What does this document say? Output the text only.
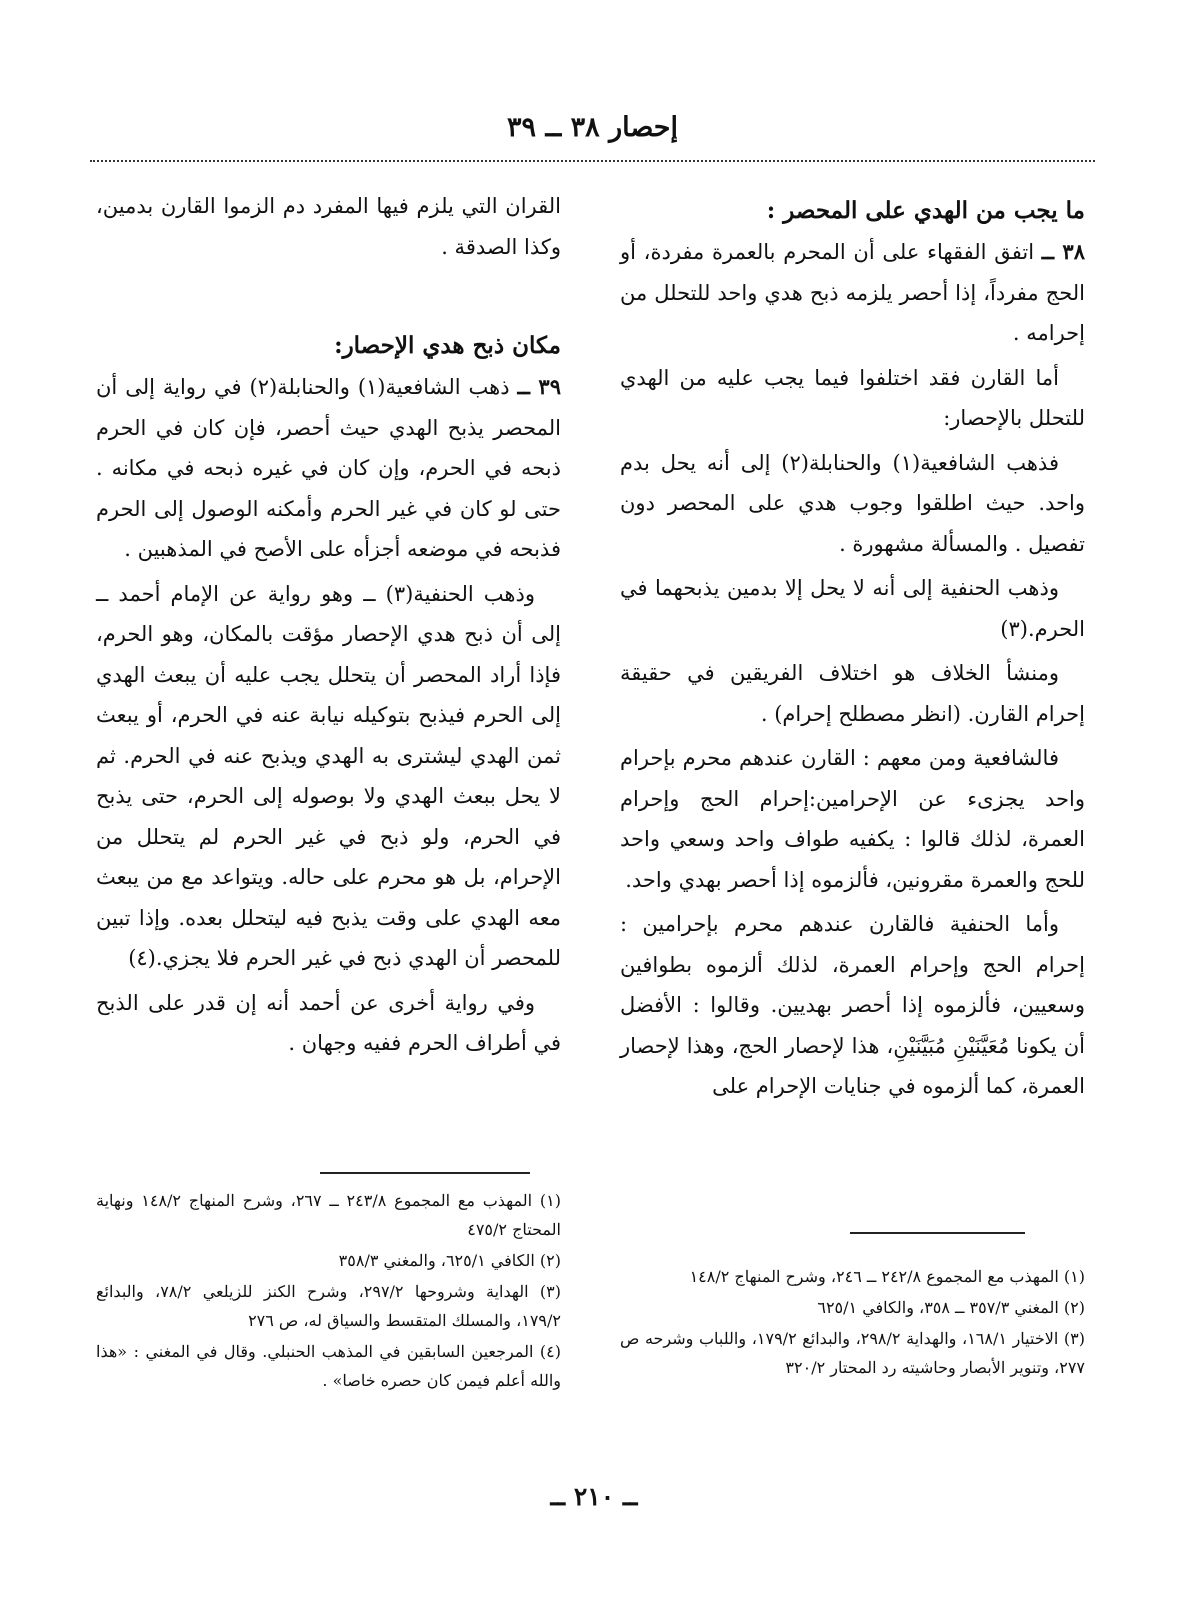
إحصار ٣٨ ــ ٣٩
ما يجب من الهدي على المحصر :

٣٨ ــ اتفق الفقهاء على أن المحرم بالعمرة مفردة، أو الحج مفرداً، إذا أحصر يلزمه ذبح هدي واحد للتحلل من إحرامه .

أما القارن فقد اختلفوا فيما يجب عليه من الهدي للتحلل بالإحصار:

فذهب الشافعية(١) والحنابلة(٢) إلى أنه يحل بدم واحد. حيث اطلقوا وجوب هدي على المحصر دون تفصيل . والمسألة مشهورة .

وذهب الحنفية إلى أنه لا يحل إلا بدمين يذبحهما في الحرم.(٣)

ومنشأ الخلاف هو اختلاف الفريقين في حقيقة إحرام القارن. (انظر مصطلح إحرام) .

فالشافعية ومن معهم : القارن عندهم محرم بإحرام واحد يجزىء عن الإحرامين:إحرام الحج وإحرام العمرة، لذلك قالوا : يكفيه طواف واحد وسعي واحد للحج والعمرة مقرونين، فألزموه إذا أحصر بهدي واحد.

وأما الحنفية فالقارن عندهم محرم بإحرامين : إحرام الحج وإحرام العمرة، لذلك ألزموه بطوافين وسعيين، فألزموه إذا أحصر بهديين. وقالوا : الأفضل أن يكونا مُعَيَّنَيْنِ مُبَيَّنَيْنِ، هذا لإحصار الحج، وهذا لإحصار العمرة، كما ألزموه في جنايات الإحرام على

القران التي يلزم فيها المفرد دم الزموا القارن بدمين، وكذا الصدقة .

مكان ذبح هدي الإحصار:

٣٩ ــ ذهب الشافعية(١) والحنابلة(٢) في رواية إلى أن المحصر يذبح الهدي حيث أحصر، فإن كان في الحرم ذبحه في الحرم، وإن كان في غيره ذبحه في مكانه . حتى لو كان في غير الحرم وأمكنه الوصول إلى الحرم فذبحه في موضعه أجزأه على الأصح في المذهبين .

وذهب الحنفية(٣) ــ وهو رواية عن الإمام أحمد ــ إلى أن ذبح هدي الإحصار مؤقت بالمكان، وهو الحرم، فإذا أراد المحصر أن يتحلل يجب عليه أن يبعث الهدي إلى الحرم فيذبح بتوكيله نيابة عنه في الحرم، أو يبعث ثمن الهدي ليشترى به الهدي ويذبح عنه في الحرم. ثم لا يحل ببعث الهدي ولا بوصوله إلى الحرم، حتى يذبح في الحرم، ولو ذبح في غير الحرم لم يتحلل من الإحرام، بل هو محرم على حاله. ويتواعد مع من يبعث معه الهدي على وقت يذبح فيه ليتحلل بعده. وإذا تبين للمحصر أن الهدي ذبح في غير الحرم فلا يجزي.(٤)

وفي رواية أخرى عن أحمد أنه إن قدر على الذبح في أطراف الحرم ففيه وجهان .

(١) المهذب مع المجموع ٢٤٢/٨ ــ ٢٤٦، وشرح المنهاج ١٤٨/٢
(٢) المغني ٣٥٧/٣ ــ ٣٥٨، والكافي ٦٢٥/١
(٣) الاختيار ١٦٨/١، والهداية ٢٩٨/٢، والبدائع ١٧٩/٢، واللباب وشرحه ص ٢٧٧، وتنوير الأبصار وحاشيته رد المحتار ٣٢٠/٢
(١) المهذب مع المجموع ٢٤٣/٨ ــ ٢٦٧، وشرح المنهاج ١٤٨/٢ ونهاية المحتاج ٤٧٥/٢
(٢) الكافي ٦٢٥/١، والمغني ٣٥٨/٣
(٣) الهداية وشروحها ٢٩٧/٢، وشرح الكنز للزيلعي ٧٨/٢، والبدائع ١٧٩/٢، والمسلك المتقسط والسياق له، ص ٢٧٦
(٤) المرجعين السابقين في المذهب الحنبلي. وقال في المغني : «هذا والله أعلم فيمن كان حصره خاصا» .
ــ ٢١٠ ــ
